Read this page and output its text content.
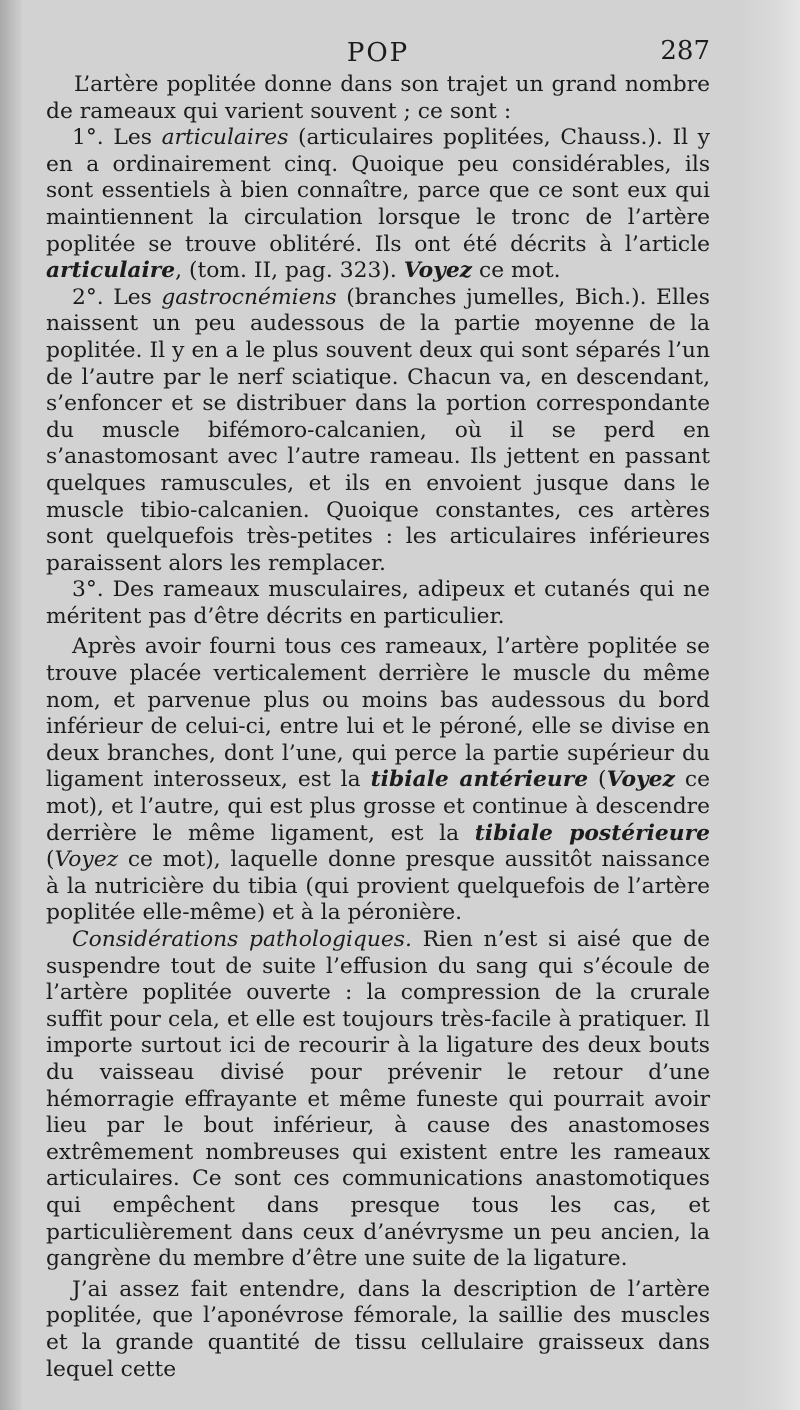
POP	287

L’artère poplitée donne dans son trajet un grand nombre de rameaux qui varient souvent ; ce sont :

1°. Les articulaires (articulaires poplitées, Chauss.). Il y en a ordinairement cinq. Quoique peu considérables, ils sont essentiels à bien connaître, parce que ce sont eux qui maintiennent la circulation lorsque le tronc de l’artère poplitée se trouve oblitéré. Ils ont été décrits à l’article articulaire, (tom. II, pag. 323). Voyez ce mot.

2°. Les gastrocnémiens (branches jumelles, Bich.). Elles naissent un peu audessous de la partie moyenne de la poplitée. Il y en a le plus souvent deux qui sont séparés l’un de l’autre par le nerf sciatique. Chacun va, en descendant, s’enfoncer et se distribuer dans la portion correspondante du muscle bifémoro-calcanien, où il se perd en s’anastomosant avec l’autre rameau. Ils jettent en passant quelques ramuscules, et ils en envoient jusque dans le muscle tibio-calcanien. Quoique constantes, ces artères sont quelquefois très-petites : les articulaires inférieures paraissent alors les remplacer.

3°. Des rameaux musculaires, adipeux et cutanés qui ne méritent pas d’être décrits en particulier.

Après avoir fourni tous ces rameaux, l’artère poplitée se trouve placée verticalement derrière le muscle du même nom, et parvenue plus ou moins bas audessous du bord inférieur de celui-ci, entre lui et le péroné, elle se divise en deux branches, dont l’une, qui perce la partie supérieur du ligament interosseux, est la tibiale antérieure (Voyez ce mot), et l’autre, qui est plus grosse et continue à descendre derrière le même ligament, est la tibiale postérieure (Voyez ce mot), laquelle donne presque aussitôt naissance à la nutricière du tibia (qui provient quelquefois de l’artère poplitée elle-même) et à la péronière.

Considérations pathologiques. Rien n’est si aisé que de suspendre tout de suite l’effusion du sang qui s’écoule de l’artère poplitée ouverte : la compression de la crurale suffit pour cela, et elle est toujours très-facile à pratiquer. Il importe surtout ici de recourir à la ligature des deux bouts du vaisseau divisé pour prévenir le retour d’une hémorragie effrayante et même funeste qui pourrait avoir lieu par le bout inférieur, à cause des anastomoses extrêmement nombreuses qui existent entre les rameaux articulaires. Ce sont ces communications anastomotiques qui empêchent dans presque tous les cas, et particulièrement dans ceux d’anévrysme un peu ancien, la gangrène du membre d’être une suite de la ligature.

J’ai assez fait entendre, dans la description de l’artère poplitée, que l’aponévrose fémorale, la saillie des muscles et la grande quantité de tissu cellulaire graisseux dans lequel cette
